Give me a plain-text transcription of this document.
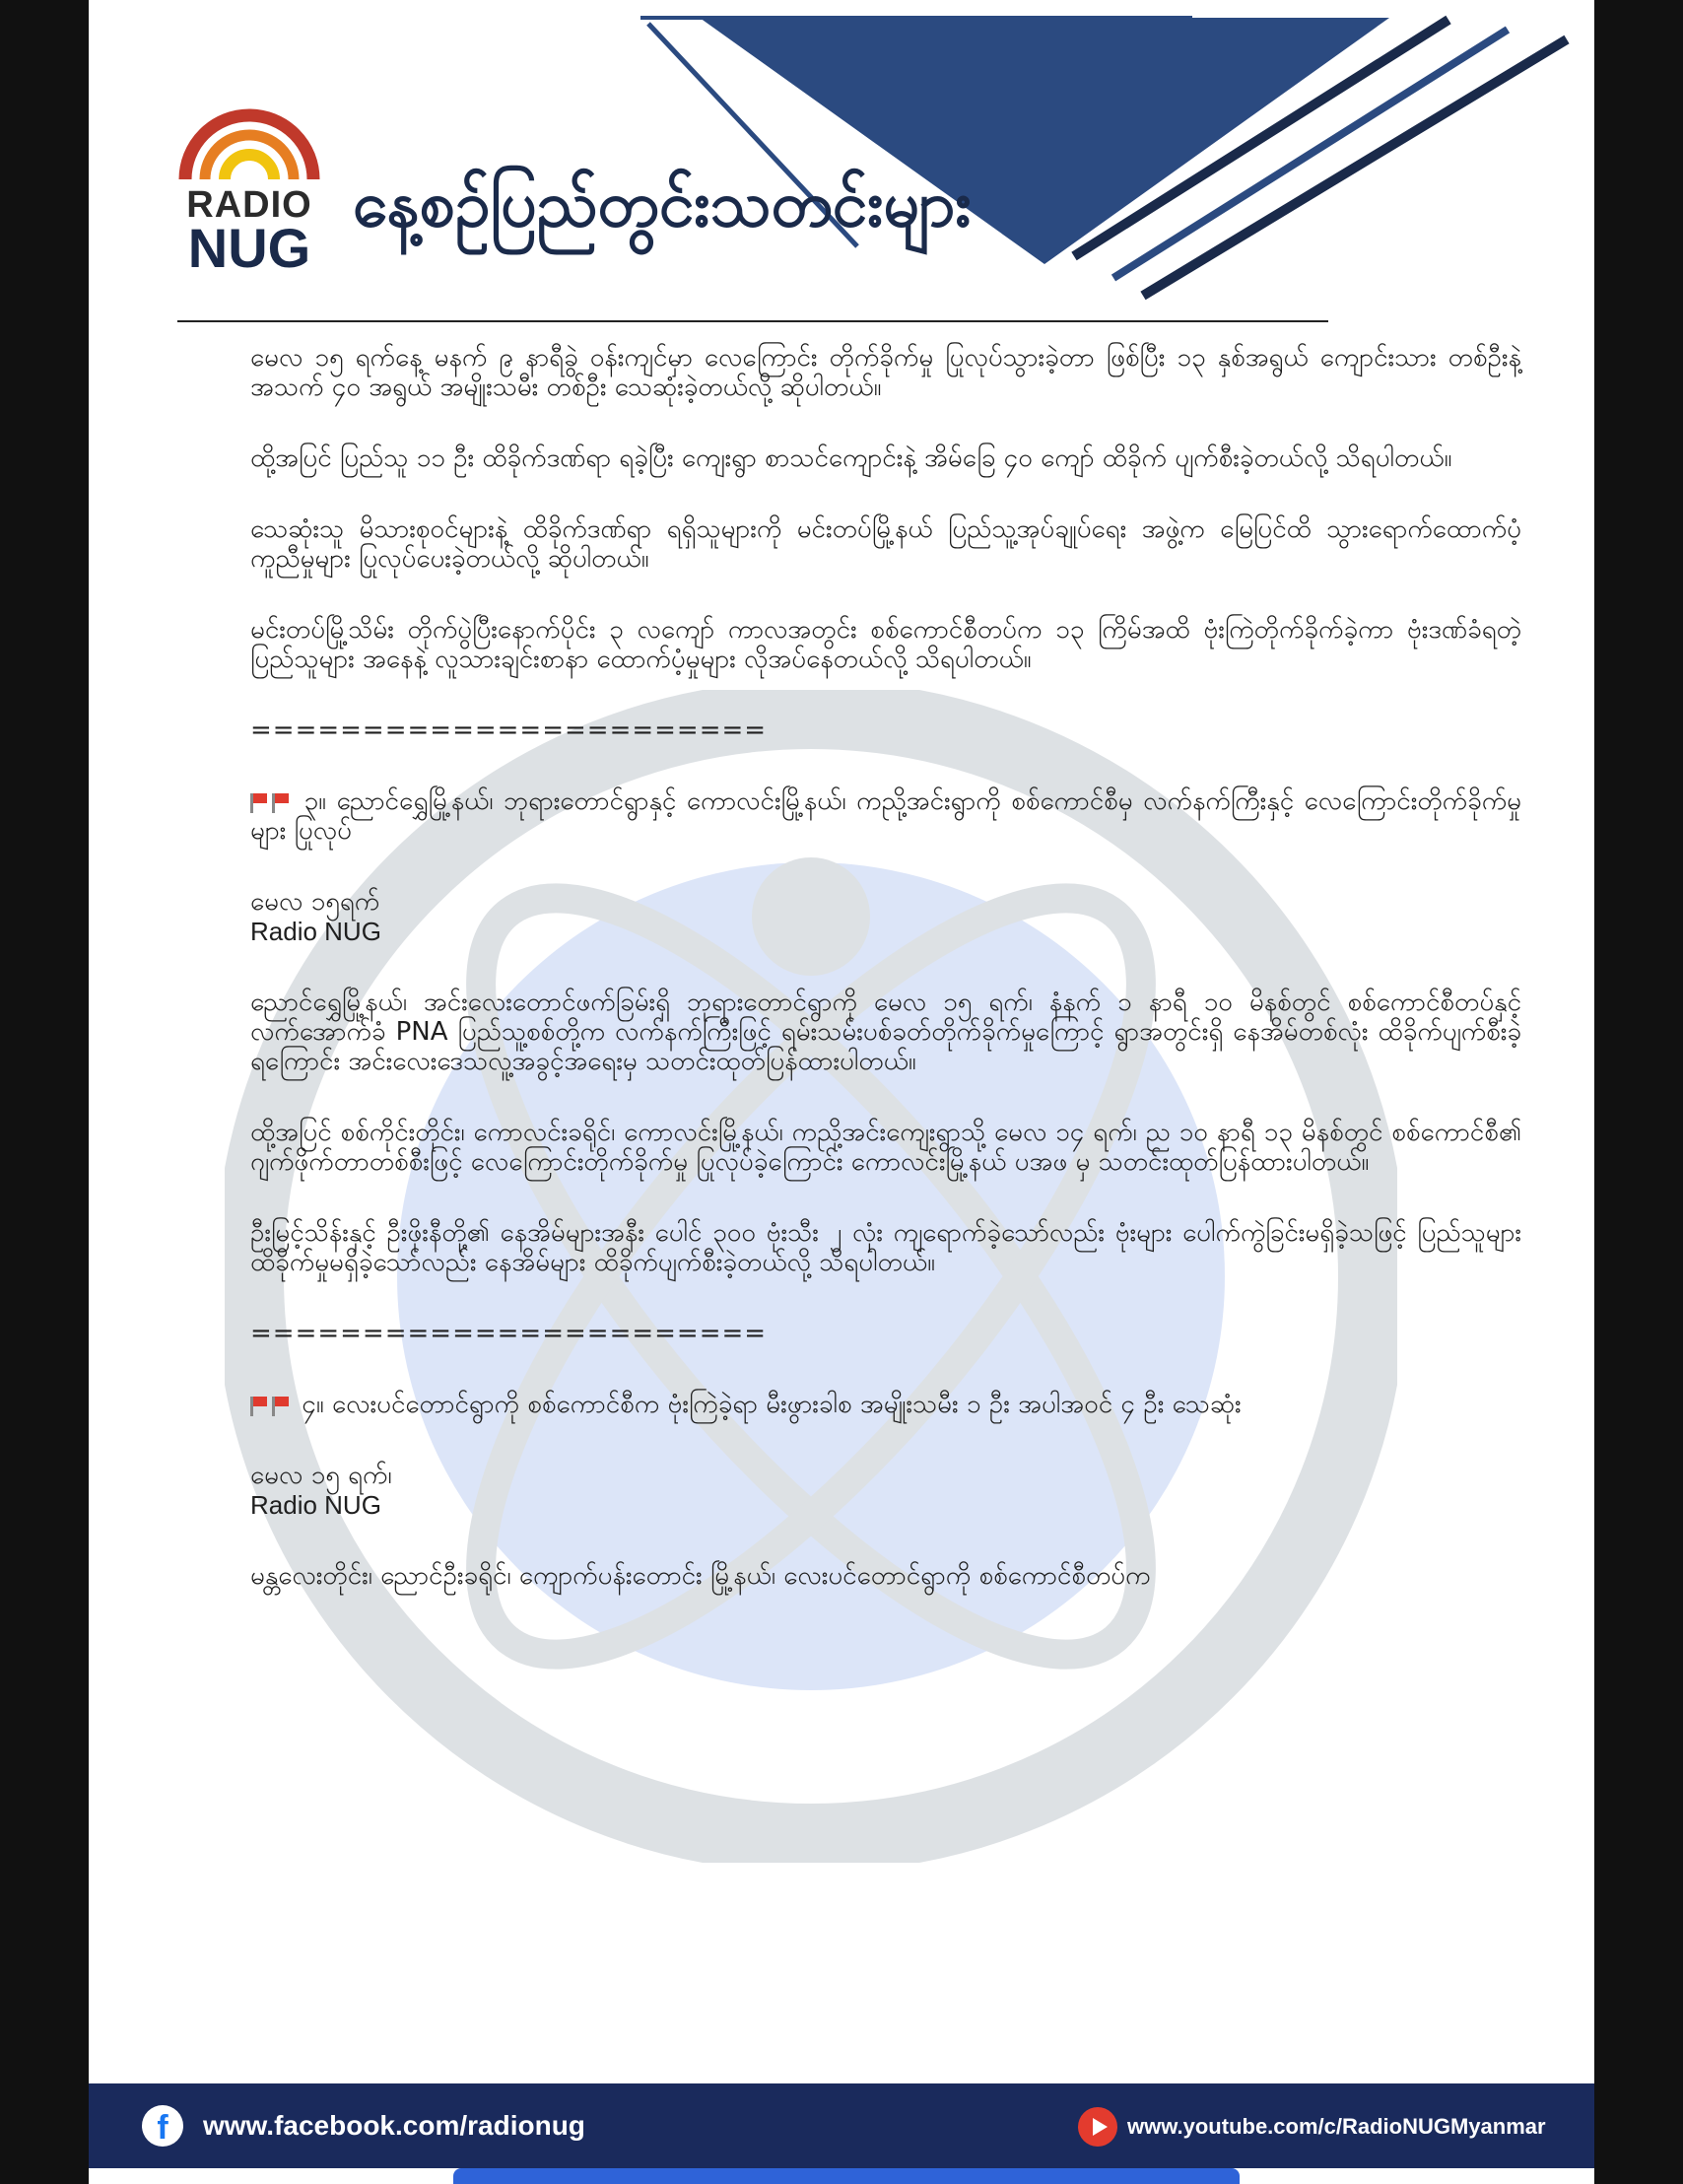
RADIO
NUG
နေ့စဉ်ပြည်တွင်းသတင်းများ

မေလ ၁၅ ရက်နေ့ မနက် ၉ နာရီခွဲ ဝန်းကျင်မှာ လေကြောင်း တိုက်ခိုက်မှု ပြုလုပ်သွားခဲ့တာ ဖြစ်ပြီး ၁၃ နှစ်အရွယ် ကျောင်းသား တစ်ဦးနဲ့ အသက် ၄၀ အရွယ် အမျိုးသမီး တစ်ဦး သေဆုံးခဲ့တယ်လို့ ဆိုပါတယ်။

ထို့အပြင် ပြည်သူ ၁၁ ဦး ထိခိုက်ဒဏ်ရာ ရခဲ့ပြီး ကျေးရွာ စာသင်ကျောင်းနဲ့ အိမ်ခြေ ၄၀ ကျော် ထိခိုက် ပျက်စီးခဲ့တယ်လို့ သိရပါတယ်။

သေဆုံးသူ မိသားစုဝင်များနဲ့ ထိခိုက်ဒဏ်ရာ ရရှိသူများကို မင်းတပ်မြို့နယ် ပြည်သူ့အုပ်ချုပ်ရေး အဖွဲ့က မြေပြင်ထိ သွားရောက်ထောက်ပံ့ ကူညီမှုများ ပြုလုပ်ပေးခဲ့တယ်လို့ ဆိုပါတယ်။

မင်းတပ်မြို့သိမ်း တိုက်ပွဲပြီးနောက်ပိုင်း ၃ လကျော် ကာလအတွင်း စစ်ကောင်စီတပ်က ၁၃ ကြိမ်အထိ ဗုံးကြဲတိုက်ခိုက်ခဲ့ကာ ဗုံးဒဏ်ခံရတဲ့ ပြည်သူများ အနေနဲ့ လူသားချင်းစာနာ ထောက်ပံ့မှုများ လိုအပ်နေတယ်လို့ သိရပါတယ်။

=======================

၃။ ညောင်ရွှေမြို့နယ်၊ ဘုရားတောင်ရွာနှင့် ကောလင်းမြို့နယ်၊ ကညို့အင်းရွာကို စစ်ကောင်စီမှ လက်နက်ကြီးနှင့် လေကြောင်းတိုက်ခိုက်မှုများ ပြုလုပ်

မေလ ၁၅ရက်

Radio NUG

ညောင်ရွှေမြို့နယ်၊ အင်းလေးတောင်ဖက်ခြမ်းရှိ ဘုရားတောင်ရွာကို မေလ ၁၅ ရက်၊ နံနက် ၁ နာရီ ၁၀ မိနစ်တွင် စစ်ကောင်စီတပ်နှင့် လက်အောက်ခံ PNA ပြည်သူ့စစ်တို့က လက်နက်ကြီးဖြင့် ရမ်းသမ်းပစ်ခတ်တိုက်ခိုက်မှုကြောင့် ရွာအတွင်းရှိ နေအိမ်တစ်လုံး ထိခိုက်ပျက်စီးခဲ့ရကြောင်း အင်းလေးဒေသလူ့အခွင့်အရေးမှ သတင်းထုတ်ပြန်ထားပါတယ်။

ထို့အပြင် စစ်ကိုင်းတိုင်း၊ ကောလင်းခရိုင်၊ ကောလင်းမြို့နယ်၊ ကညို့အင်းကျေးရွာသို့ မေလ ၁၄ ရက်၊ ည ၁၀ နာရီ ၁၃ မိနစ်တွင် စစ်ကောင်စီ၏ ဂျက်ဖိုက်တာတစ်စီးဖြင့် လေကြောင်းတိုက်ခိုက်မှု ပြုလုပ်ခဲ့ကြောင်း ကောလင်းမြို့နယ် ပအဖ မှ သတင်းထုတ်ပြန်ထားပါတယ်။

ဦးမြင့်သိန်းနှင့် ဦးဖိုးနီတို့၏ နေအိမ်များအနီး ပေါင် ၃၀၀ ဗုံးသီး ၂ လုံး ကျရောက်ခဲ့သော်လည်း ဗုံးများ ပေါက်ကွဲခြင်းမရှိခဲ့သဖြင့် ပြည်သူများ ထိခိုက်မှုမရှိခဲ့သော်လည်း နေအိမ်များ ထိခိုက်ပျက်စီးခဲ့တယ်လို့ သိရပါတယ်။

=======================

၄။ လေးပင်တောင်ရွာကို စစ်ကောင်စီက ဗုံးကြဲခဲ့ရာ မီးဖွားခါစ အမျိုးသမီး ၁ ဦး အပါအဝင် ၄ ဦး သေဆုံး

မေလ ၁၅ ရက်၊

Radio NUG

မန္တလေးတိုင်း၊ ညောင်ဦးခရိုင်၊ ကျောက်ပန်းတောင်း မြို့နယ်၊ လေးပင်တောင်ရွာကို စစ်ကောင်စီတပ်က

f	www.facebook.com/radionug	www.youtube.com/c/RadioNUGMyanmar
